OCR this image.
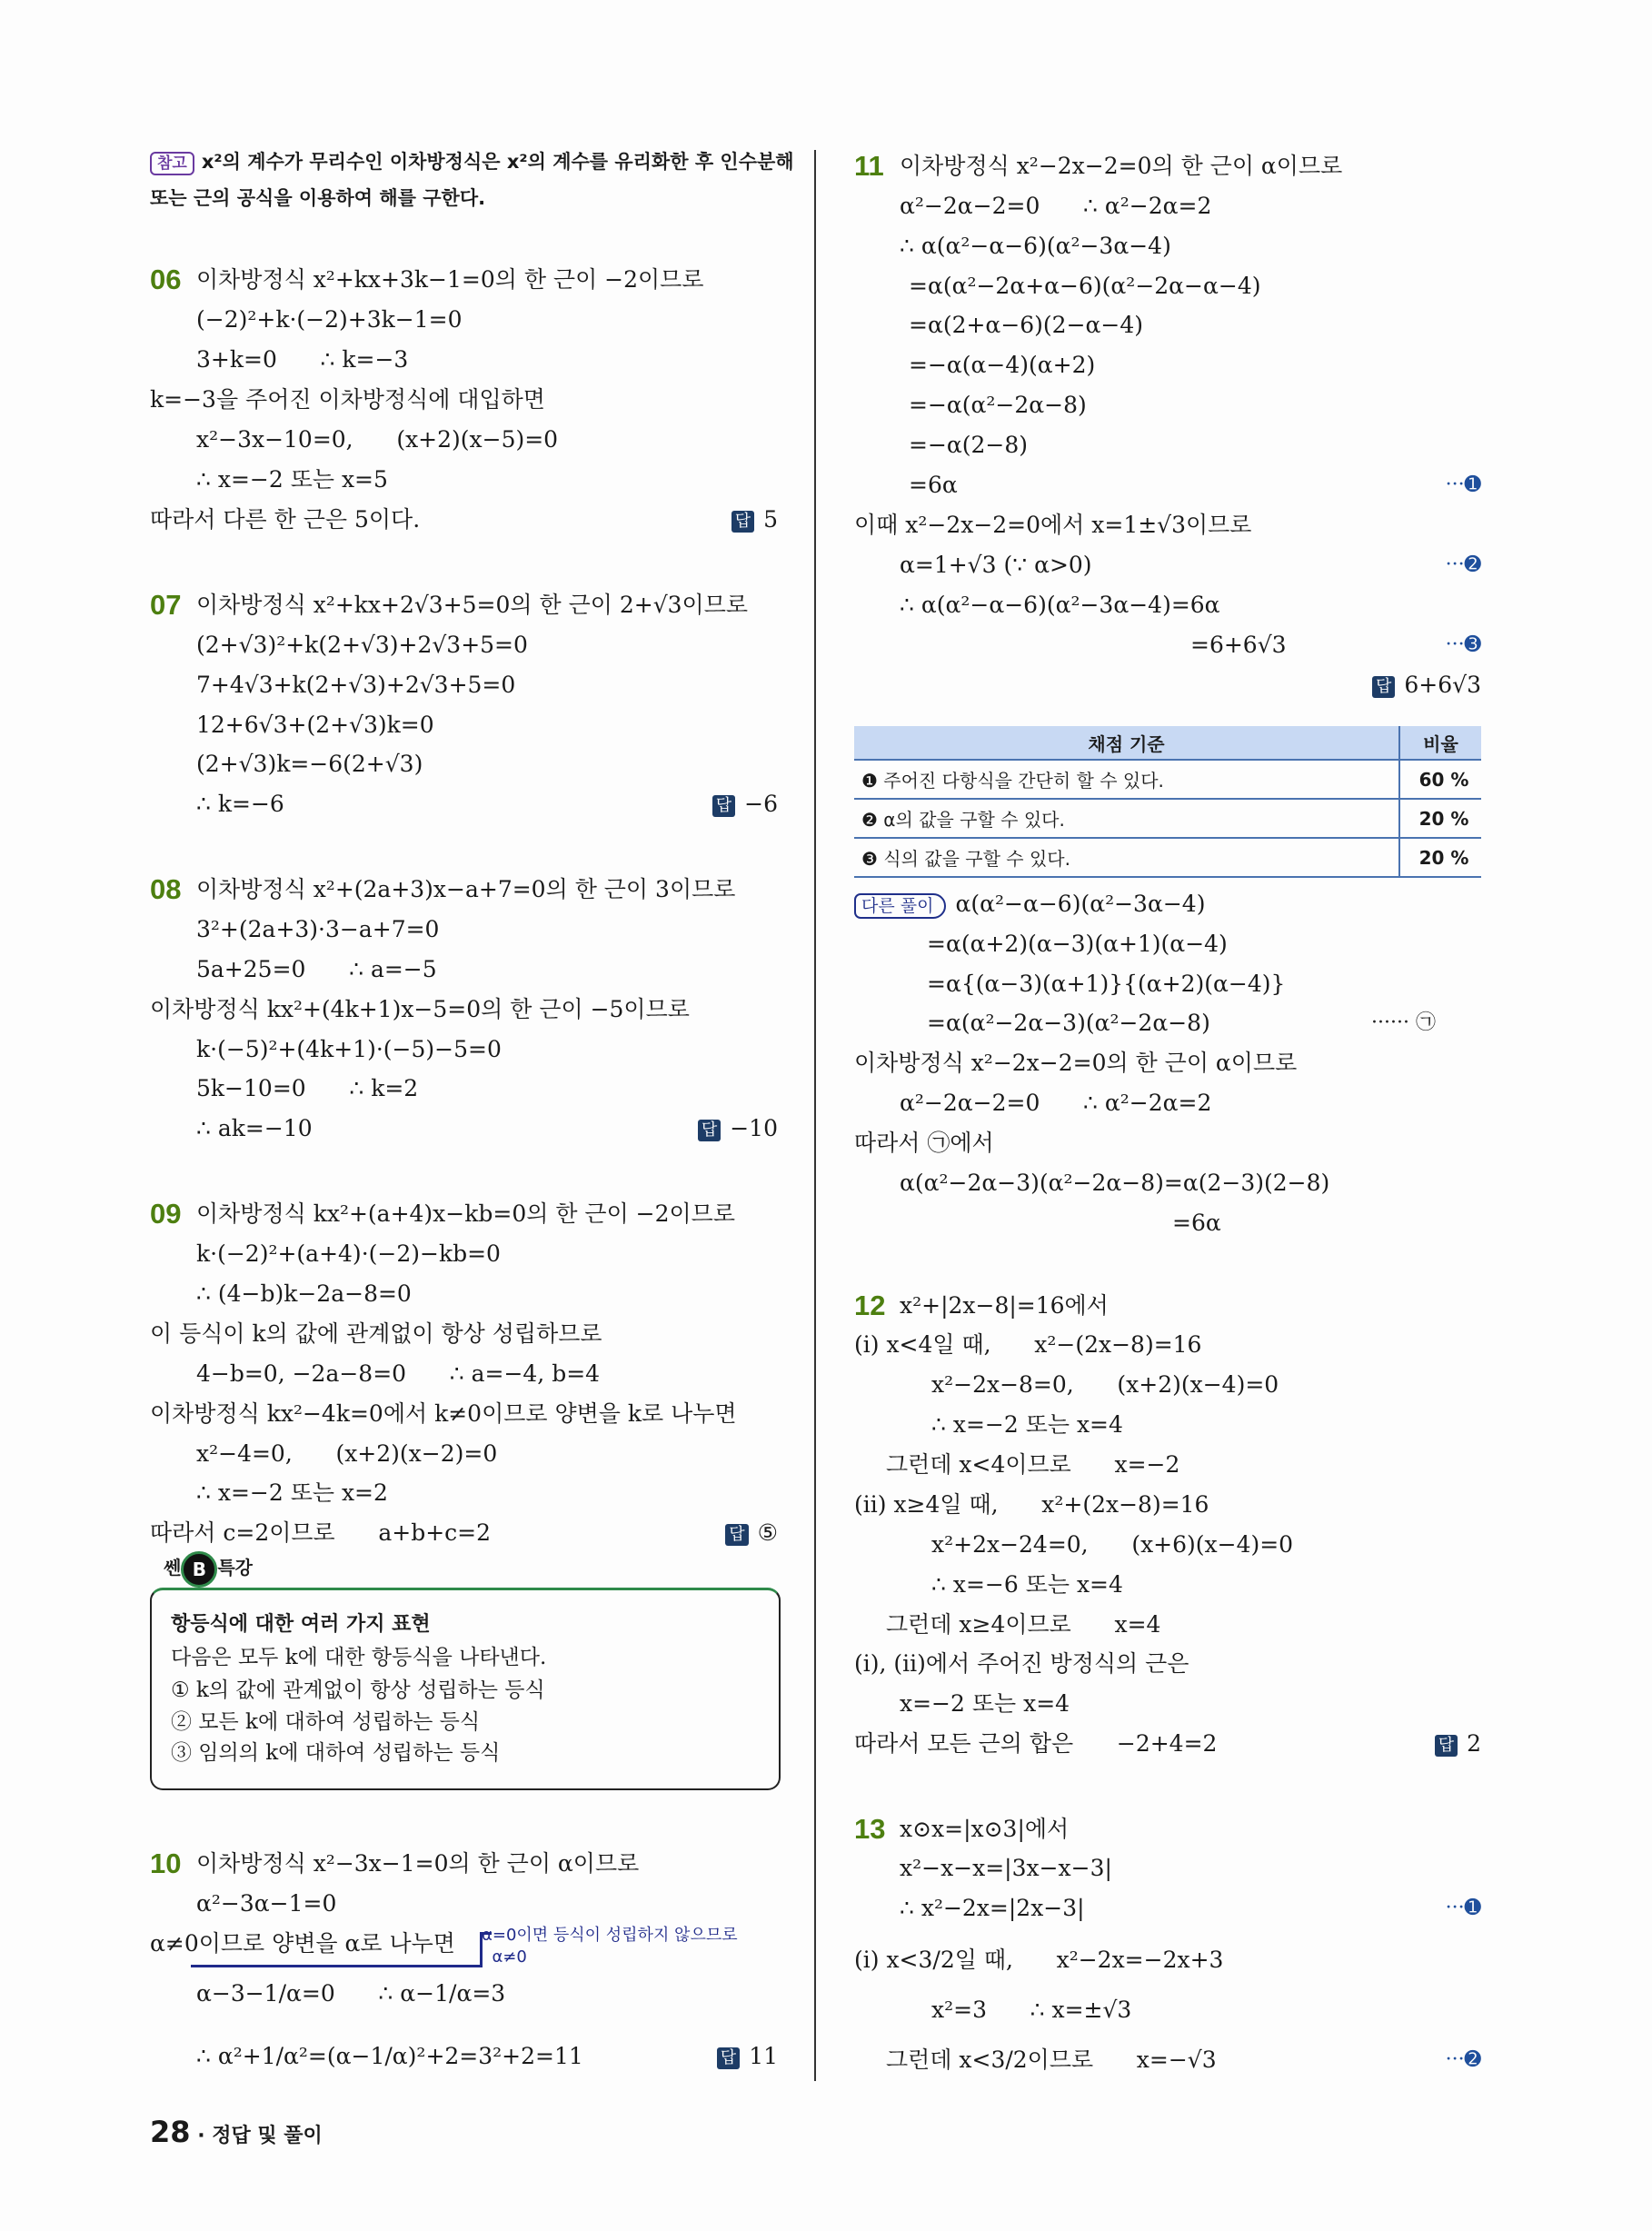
참고 x²의 계수가 무리수인 이차방정식은 x²의 계수를 유리화한 후 인수분해
또는 근의 공식을 이용하여 해를 구한다.
06 이차방정식 x²+kx+3k−1=0의 한 근이 −2이므로
(−2)²+k·(−2)+3k−1=0
3+k=0      ∴ k=−3
k=−3을 주어진 이차방정식에 대입하면
x²−3x−10=0,      (x+2)(x−5)=0
∴ x=−2 또는 x=5
따라서 다른 한 근은 5이다.	답 5
07 이차방정식 x²+kx+2√3+5=0의 한 근이 2+√3이므로
(2+√3)²+k(2+√3)+2√3+5=0
7+4√3+k(2+√3)+2√3+5=0
12+6√3+(2+√3)k=0
(2+√3)k=−6(2+√3)
∴ k=−6	답 −6
08 이차방정식 x²+(2a+3)x−a+7=0의 한 근이 3이므로
3²+(2a+3)·3−a+7=0
5a+25=0      ∴ a=−5
이차방정식 kx²+(4k+1)x−5=0의 한 근이 −5이므로
k·(−5)²+(4k+1)·(−5)−5=0
5k−10=0      ∴ k=2
∴ ak=−10	답 −10
09 이차방정식 kx²+(a+4)x−kb=0의 한 근이 −2이므로
k·(−2)²+(a+4)·(−2)−kb=0
∴ (4−b)k−2a−8=0
이 등식이 k의 값에 관계없이 항상 성립하므로
4−b=0, −2a−8=0      ∴ a=−4, b=4
이차방정식 kx²−4k=0에서 k≠0이므로 양변을 k로 나누면
x²−4=0,      (x+2)(x−2)=0
∴ x=−2 또는 x=2
따라서 c=2이므로      a+b+c=2	답 ⑤
쎈 B 특강
항등식에 대한 여러 가지 표현
다음은 모두 k에 대한 항등식을 나타낸다.
① k의 값에 관계없이 항상 성립하는 등식
② 모든 k에 대하여 성립하는 등식
③ 임의의 k에 대하여 성립하는 등식
10 이차방정식 x²−3x−1=0의 한 근이 α이므로
α²−3α−1=0
α≠0이므로 양변을 α로 나누면 α=0이면 등식이 성립하지 않으므로
α≠0
α−3−1/α=0      ∴ α−1/α=3
∴ α²+1/α²=(α−1/α)²+2=3²+2=11	답 11
28 · 정답 및 풀이
11 이차방정식 x²−2x−2=0의 한 근이 α이므로
α²−2α−2=0      ∴ α²−2α=2
∴ α(α²−α−6)(α²−3α−4)
=α(α²−2α+α−6)(α²−2α−α−4)
=α(2+α−6)(2−α−4)
=−α(α−4)(α+2)
=−α(α²−2α−8)
=−α(2−8)
=6α	···➊
이때 x²−2x−2=0에서 x=1±√3이므로
α=1+√3 (∵ α>0)	···➋
∴ α(α²−α−6)(α²−3α−4)=6α
=6+6√3	···➌
답 6+6√3
채점 기준	비율
❶ 주어진 다항식을 간단히 할 수 있다.	60 %
❷ α의 값을 구할 수 있다.	20 %
❸ 식의 값을 구할 수 있다.	20 %
다른 풀이 α(α²−α−6)(α²−3α−4)
=α(α+2)(α−3)(α+1)(α−4)
=α{(α−3)(α+1)}{(α+2)(α−4)}
=α(α²−2α−3)(α²−2α−8)	······ ㉠
이차방정식 x²−2x−2=0의 한 근이 α이므로
α²−2α−2=0      ∴ α²−2α=2
따라서 ㉠에서
α(α²−2α−3)(α²−2α−8)=α(2−3)(2−8)
=6α
12 x²+|2x−8|=16에서
(i) x<4일 때,      x²−(2x−8)=16
x²−2x−8=0,      (x+2)(x−4)=0
∴ x=−2 또는 x=4
그런데 x<4이므로      x=−2
(ii) x≥4일 때,      x²+(2x−8)=16
x²+2x−24=0,      (x+6)(x−4)=0
∴ x=−6 또는 x=4
그런데 x≥4이므로      x=4
(i), (ii)에서 주어진 방정식의 근은
x=−2 또는 x=4
따라서 모든 근의 합은      −2+4=2	답 2
13 x⊙x=|x⊙3|에서
x²−x−x=|3x−x−3|
∴ x²−2x=|2x−3|	···➊
(i) x<3/2일 때,      x²−2x=−2x+3
x²=3      ∴ x=±√3
그런데 x<3/2이므로      x=−√3	···➋
